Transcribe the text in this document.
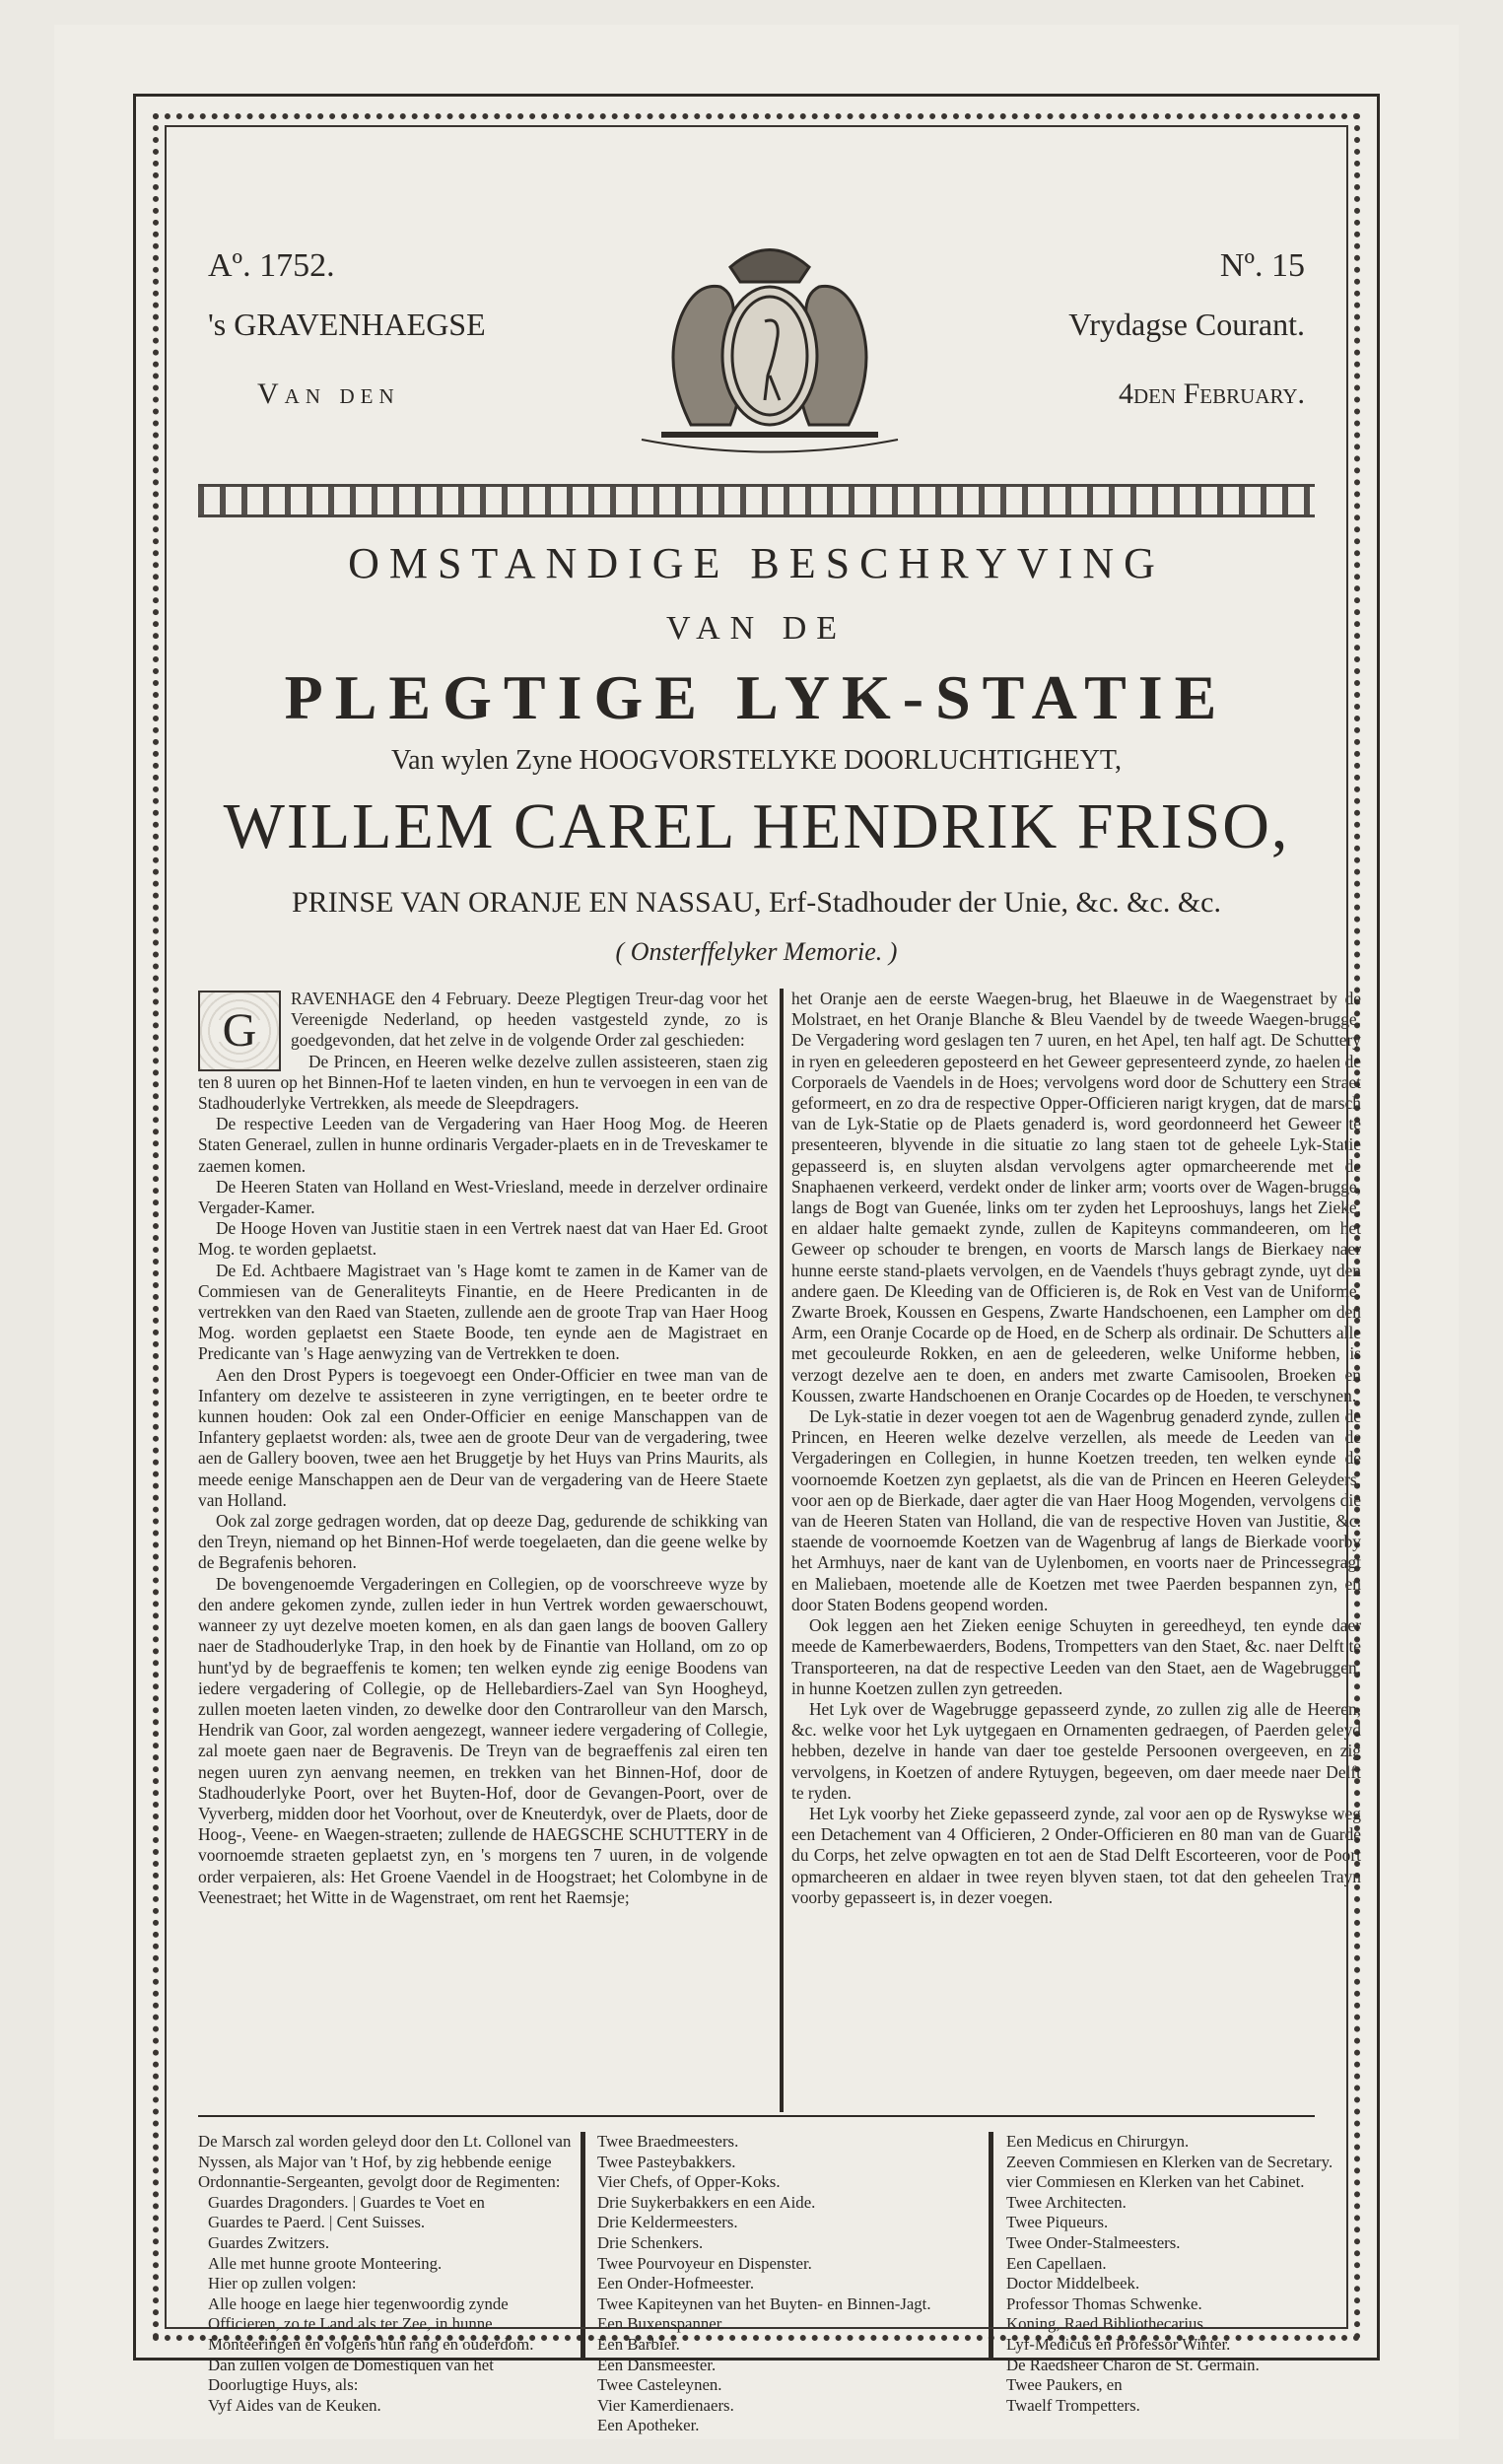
Aº. 1752.	Nº. 15
's GRAVENHAEGSE	Vrydagse Courant.
Van den	4den February.
OMSTANDIGE BESCHRYVING
VAN DE
PLEGTIGE LYK-STATIE
Van wylen Zyne HOOGVORSTELYKE DOORLUCHTIGHEYT,
WILLEM CAREL HENDRIK FRISO,
PRINSE VAN ORANJE EN NASSAU, Erf-Stadhouder der Unie, &c. &c. &c.
( Onsterffelyker Memorie. )
G

RAVENHAGE den 4 February. Deeze Plegtigen Treur-dag voor het Vereenigde Nederland, op heeden vastgesteld zynde, zo is goedgevonden, dat het zelve in de volgende Order zal geschieden:

De Princen, en Heeren welke dezelve zullen assisteeren, staen zig ten 8 uuren op het Binnen-Hof te laeten vinden, en hun te vervoegen in een van de Stadhouderlyke Vertrekken, als meede de Sleepdragers.

De respective Leeden van de Vergadering van Haer Hoog Mog. de Heeren Staten Generael, zullen in hunne ordinaris Vergader-plaets en in de Treveskamer te zaemen komen.

De Heeren Staten van Holland en West-Vriesland, meede in derzelver ordinaire Vergader-Kamer.

De Hooge Hoven van Justitie staen in een Vertrek naest dat van Haer Ed. Groot Mog. te worden geplaetst.

De Ed. Achtbaere Magistraet van 's Hage komt te zamen in de Kamer van de Commiesen van de Generaliteyts Finantie, en de Heere Predicanten in de vertrekken van den Raed van Staeten, zullende aen de groote Trap van Haer Hoog Mog. worden geplaetst een Staete Boode, ten eynde aen de Magistraet en Predicante van 's Hage aenwyzing van de Vertrekken te doen.

Aen den Drost Pypers is toegevoegt een Onder-Officier en twee man van de Infantery om dezelve te assisteeren in zyne verrigtingen, en te beeter ordre te kunnen houden: Ook zal een Onder-Officier en eenige Manschappen van de Infantery geplaetst worden: als, twee aen de groote Deur van de vergadering, twee aen de Gallery booven, twee aen het Bruggetje by het Huys van Prins Maurits, als meede eenige Manschappen aen de Deur van de vergadering van de Heere Staete van Holland.

Ook zal zorge gedragen worden, dat op deeze Dag, gedurende de schikking van den Treyn, niemand op het Binnen-Hof werde toegelaeten, dan die geene welke by de Begrafenis behoren.

De bovengenoemde Vergaderingen en Collegien, op de voorschreeve wyze by den andere gekomen zynde, zullen ieder in hun Vertrek worden gewaerschouwt, wanneer zy uyt dezelve moeten komen, en als dan gaen langs de booven Gallery naer de Stadhouderlyke Trap, in den hoek by de Finantie van Holland, om zo op hunt'yd by de begraeffenis te komen; ten welken eynde zig eenige Boodens van iedere vergadering of Collegie, op de Hellebardiers-Zael van Syn Hoogheyd, zullen moeten laeten vinden, zo dewelke door den Contrarolleur van den Marsch, Hendrik van Goor, zal worden aengezegt, wanneer iedere vergadering of Collegie, zal moete gaen naer de Begravenis. De Treyn van de begraeffenis zal eiren ten negen uuren zyn aenvang neemen, en trekken van het Binnen-Hof, door de Stadhouderlyke Poort, over het Buyten-Hof, door de Gevangen-Poort, over de Vyverberg, midden door het Voorhout, over de Kneuterdyk, over de Plaets, door de Hoog-, Veene- en Waegen-straeten; zullende de HAEGSCHE SCHUTTERY in de voornoemde straeten geplaetst zyn, en 's morgens ten 7 uuren, in de volgende order verpaieren, als: Het Groene Vaendel in de Hoogstraet; het Colombyne in de Veenestraet; het Witte in de Wagenstraet, om rent het Raemsje;

het Oranje aen de eerste Waegen-brug, het Blaeuwe in de Waegenstraet by de Molstraet, en het Oranje Blanche & Bleu Vaendel by de tweede Waegen-brugge. De Vergadering word geslagen ten 7 uuren, en het Apel, ten half agt. De Schuttery in ryen en geleederen geposteerd en het Geweer gepresenteerd zynde, zo haelen de Corporaels de Vaendels in de Hoes; vervolgens word door de Schuttery een Straet geformeert, en zo dra de respective Opper-Officieren narigt krygen, dat de marsch van de Lyk-Statie op de Plaets genaderd is, word geordonneerd het Geweer te presenteeren, blyvende in die situatie zo lang staen tot de geheele Lyk-Statie gepasseerd is, en sluyten alsdan vervolgens agter opmarcheerende met de Snaphaenen verkeerd, verdekt onder de linker arm; voorts over de Wagen-brugge, langs de Bogt van Guenée, links om ter zyden het Leprooshuys, langs het Zieke, en aldaer halte gemaekt zynde, zullen de Kapiteyns commandeeren, om het Geweer op schouder te brengen, en voorts de Marsch langs de Bierkaey naer hunne eerste stand-plaets vervolgen, en de Vaendels t'huys gebragt zynde, uyt den andere gaen. De Kleeding van de Officieren is, de Rok en Vest van de Uniforme, Zwarte Broek, Koussen en Gespens, Zwarte Handschoenen, een Lampher om den Arm, een Oranje Cocarde op de Hoed, en de Scherp als ordinair. De Schutters alle met gecouleurde Rokken, en aen de geleederen, welke Uniforme hebben, is verzogt dezelve aen te doen, en anders met zwarte Camisoolen, Broeken en Koussen, zwarte Handschoenen en Oranje Cocardes op de Hoeden, te verschynen.

De Lyk-statie in dezer voegen tot aen de Wagenbrug genaderd zynde, zullen de Princen, en Heeren welke dezelve verzellen, als meede de Leeden van de Vergaderingen en Collegien, in hunne Koetzen treeden, ten welken eynde de voornoemde Koetzen zyn geplaetst, als die van de Princen en Heeren Geleyders, voor aen op de Bierkade, daer agter die van Haer Hoog Mogenden, vervolgens die van de Heeren Staten van Holland, die van de respective Hoven van Justitie, &c. staende de voornoemde Koetzen van de Wagenbrug af langs de Bierkade voorby het Armhuys, naer de kant van de Uylenbomen, en voorts naer de Princessegragt en Maliebaen, moetende alle de Koetzen met twee Paerden bespannen zyn, en door Staten Bodens geopend worden.

Ook leggen aen het Zieken eenige Schuyten in gereedheyd, ten eynde daer meede de Kamerbewaerders, Bodens, Trompetters van den Staet, &c. naer Delft te Transporteeren, na dat de respective Leeden van den Staet, aen de Wagebruggen, in hunne Koetzen zullen zyn getreeden.

Het Lyk over de Wagebrugge gepasseerd zynde, zo zullen zig alle de Heeren, &c. welke voor het Lyk uytgegaen en Ornamenten gedraegen, of Paerden geleyd hebben, dezelve in hande van daer toe gestelde Persoonen overgeeven, en zig vervolgens, in Koetzen of andere Rytuygen, begeeven, om daer meede naer Delft te ryden.

Het Lyk voorby het Zieke gepasseerd zynde, zal voor aen op de Ryswykse weg een Detachement van 4 Officieren, 2 Onder-Officieren en 80 man van de Guarde du Corps, het zelve opwagten en tot aen de Stad Delft Escorteeren, voor de Poort opmarcheeren en aldaer in twee reyen blyven staen, tot dat den geheelen Trayn voorby gepasseert is, in dezer voegen.

De Marsch zal worden geleyd door den Lt. Collonel van Nyssen, als Major van 't Hof, by zig hebbende eenige Ordonnantie-Sergeanten, gevolgt door de Regimenten:
Guardes Dragonders. | Guardes te Voet en
Guardes te Paerd. | Cent Suisses.
Guardes Zwitzers.
Alle met hunne groote Monteering.
Hier op zullen volgen:
Alle hooge en laege hier tegenwoordig zynde Officieren, zo te Land als ter Zee, in hunne Monteeringen en volgens hun rang en ouderdom.
Dan zullen volgen de Domestiquen van het Doorlugtige Huys, als:
Vyf Aides van de Keuken.
Twee Braedmeesters.
Twee Pasteybakkers.
Vier Chefs, of Opper-Koks.
Drie Suykerbakkers en een Aide.
Drie Keldermeesters.
Drie Schenkers.
Twee Pourvoyeur en Dispenster.
Een Onder-Hofmeester.
Twee Kapiteynen van het Buyten- en Binnen-Jagt.
Een Buxenspanner.
Een Barbier.
Een Dansmeester.
Twee Casteleynen.
Vier Kamerdienaers.
Een Apotheker.
Een Medicus en Chirurgyn.
Zeeven Commiesen en Klerken van de Secretary.
vier Commiesen en Klerken van het Cabinet.
Twee Architecten.
Twee Piqueurs.
Twee Onder-Stalmeesters.
Een Capellaen.
Doctor Middelbeek.
Professor Thomas Schwenke.
Koning, Raed Bibliothecarius.
Lyf-Medicus en Professor Winter.
De Raedsheer Charon de St. Germain.
Twee Paukers, en
Twaelf Trompetters.
